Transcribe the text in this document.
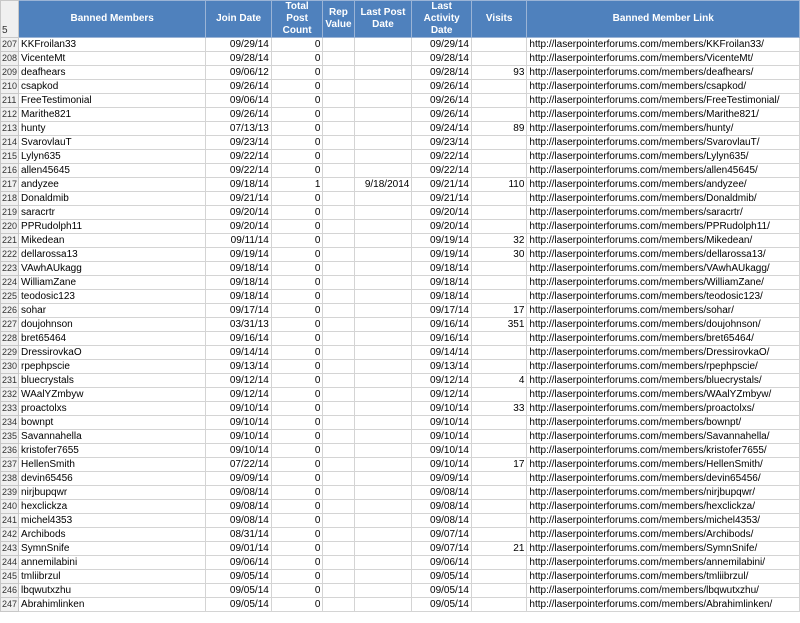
5	Banned Members	Join Date	Total Post Count	Rep Value	Last Post Date	Last Activity Date	Visits	Banned Member Link
207	KKFroilan33	09/29/14	0			09/29/14		http://laserpointerforums.com/members/KKFroilan33/
208	VicenteMt	09/28/14	0			09/28/14		http://laserpointerforums.com/members/VicenteMt/
209	deafhears	09/06/12	0			09/28/14	93	http://laserpointerforums.com/members/deafhears/
210	csapkod	09/26/14	0			09/26/14		http://laserpointerforums.com/members/csapkod/
211	FreeTestimonial	09/06/14	0			09/26/14		http://laserpointerforums.com/members/FreeTestimonial/
212	Marithe821	09/26/14	0			09/26/14		http://laserpointerforums.com/members/Marithe821/
213	hunty	07/13/13	0			09/24/14	89	http://laserpointerforums.com/members/hunty/
214	SvarovlauT	09/23/14	0			09/23/14		http://laserpointerforums.com/members/SvarovlauT/
215	Lylyn635	09/22/14	0			09/22/14		http://laserpointerforums.com/members/Lylyn635/
216	allen45645	09/22/14	0			09/22/14		http://laserpointerforums.com/members/allen45645/
217	andyzee	09/18/14	1		9/18/2014	09/21/14	110	http://laserpointerforums.com/members/andyzee/
218	Donaldmib	09/21/14	0			09/21/14		http://laserpointerforums.com/members/Donaldmib/
219	saracrtr	09/20/14	0			09/20/14		http://laserpointerforums.com/members/saracrtr/
220	PPRudolph11	09/20/14	0			09/20/14		http://laserpointerforums.com/members/PPRudolph11/
221	Mikedean	09/11/14	0			09/19/14	32	http://laserpointerforums.com/members/Mikedean/
222	dellarossa13	09/19/14	0			09/19/14	30	http://laserpointerforums.com/members/dellarossa13/
223	VAwhAUkagg	09/18/14	0			09/18/14		http://laserpointerforums.com/members/VAwhAUkagg/
224	WilliamZane	09/18/14	0			09/18/14		http://laserpointerforums.com/members/WilliamZane/
225	teodosic123	09/18/14	0			09/18/14		http://laserpointerforums.com/members/teodosic123/
226	sohar	09/17/14	0			09/17/14	17	http://laserpointerforums.com/members/sohar/
227	doujohnson	03/31/13	0			09/16/14	351	http://laserpointerforums.com/members/doujohnson/
228	bret65464	09/16/14	0			09/16/14		http://laserpointerforums.com/members/bret65464/
229	DressirovkaO	09/14/14	0			09/14/14		http://laserpointerforums.com/members/DressirovkaO/
230	rpephpscie	09/13/14	0			09/13/14		http://laserpointerforums.com/members/rpephpscie/
231	bluecrystals	09/12/14	0			09/12/14	4	http://laserpointerforums.com/members/bluecrystals/
232	WAalYZmbyw	09/12/14	0			09/12/14		http://laserpointerforums.com/members/WAalYZmbyw/
233	proactolxs	09/10/14	0			09/10/14	33	http://laserpointerforums.com/members/proactolxs/
234	bownpt	09/10/14	0			09/10/14		http://laserpointerforums.com/members/bownpt/
235	Savannahella	09/10/14	0			09/10/14		http://laserpointerforums.com/members/Savannahella/
236	kristofer7655	09/10/14	0			09/10/14		http://laserpointerforums.com/members/kristofer7655/
237	HellenSmith	07/22/14	0			09/10/14	17	http://laserpointerforums.com/members/HellenSmith/
238	devin65456	09/09/14	0			09/09/14		http://laserpointerforums.com/members/devin65456/
239	nirjbupqwr	09/08/14	0			09/08/14		http://laserpointerforums.com/members/nirjbupqwr/
240	hexclickza	09/08/14	0			09/08/14		http://laserpointerforums.com/members/hexclickza/
241	michel4353	09/08/14	0			09/08/14		http://laserpointerforums.com/members/michel4353/
242	Archibods	08/31/14	0			09/07/14		http://laserpointerforums.com/members/Archibods/
243	SymnSnife	09/01/14	0			09/07/14	21	http://laserpointerforums.com/members/SymnSnife/
244	annemilabini	09/06/14	0			09/06/14		http://laserpointerforums.com/members/annemilabini/
245	tmliibrzul	09/05/14	0			09/05/14		http://laserpointerforums.com/members/tmliibrzul/
246	lbqwutxzhu	09/05/14	0			09/05/14		http://laserpointerforums.com/members/lbqwutxzhu/
247	Abrahimlinken	09/05/14	0			09/05/14		http://laserpointerforums.com/members/Abrahimlinken/
